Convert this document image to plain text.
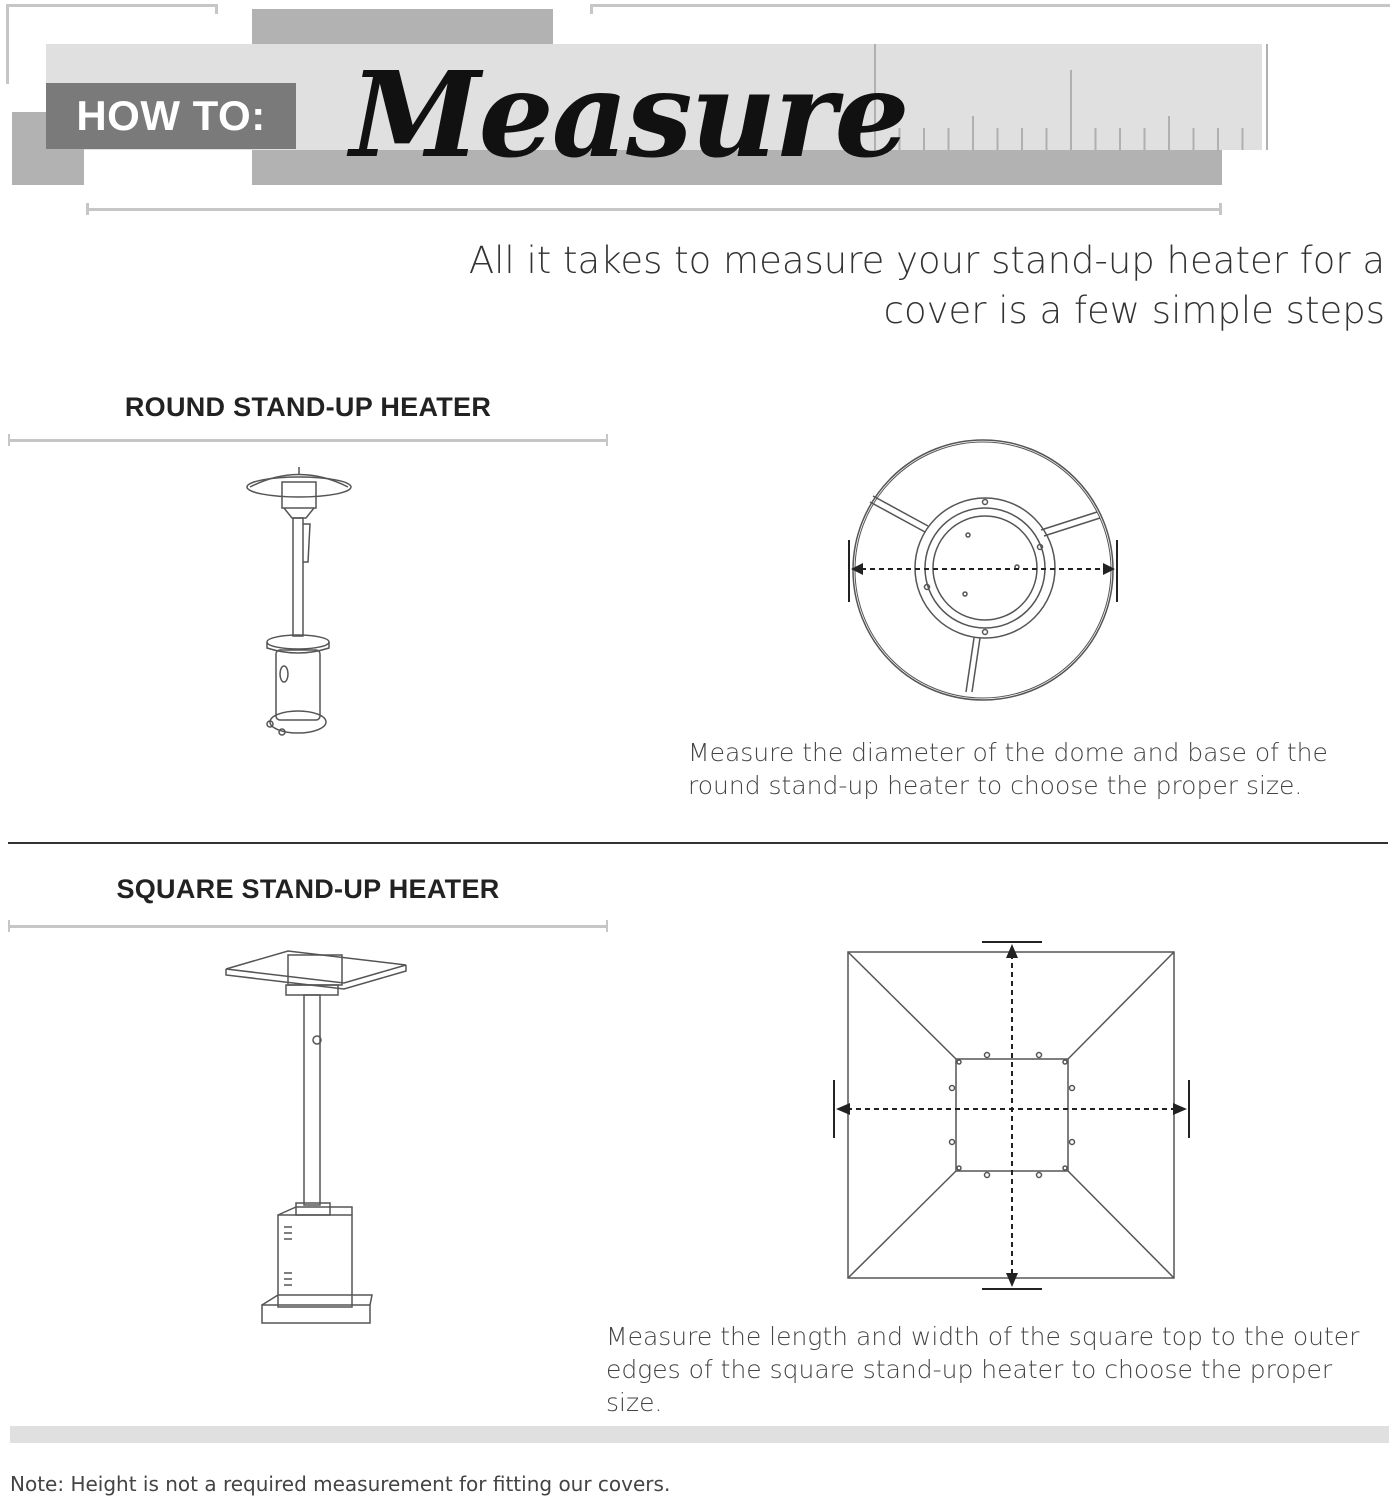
HOW TO: Measure
All it takes to measure your stand-up heater for a cover is a few simple steps
ROUND STAND-UP HEATER
Measure the diameter of the dome and base of the round stand-up heater to choose the proper size.
SQUARE STAND-UP HEATER
Measure the length and width of the square top to the outer edges of the square stand-up heater to choose the proper size.
Note: Height is not a required measurement for fitting our covers.
